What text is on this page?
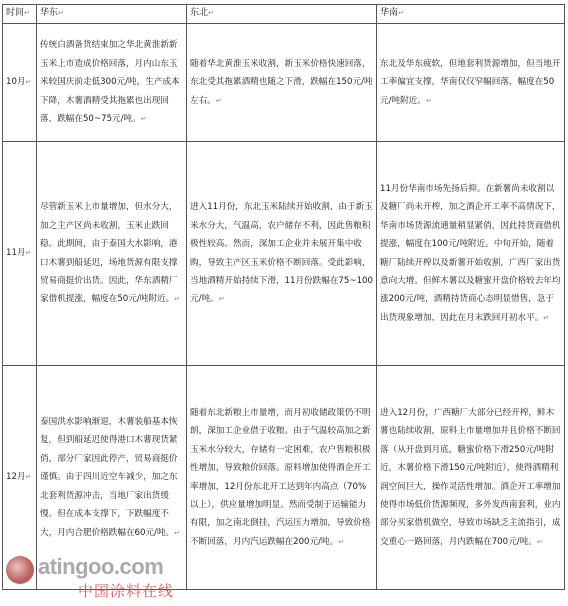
时间↵	华东↵	东北↵	华南↵
10月↵	传统白酒备货结束加之华北黄淮新新玉米上市造成价格回落，月内山东玉米较国庆前走低300元/吨，生产成本下降，木薯酒精受其拖累也出现回落，跌幅在50~75元/吨。↵	随着华北黄淮玉米收割，新玉米价格快速回落，东北受其拖累酒精也随之下滑，跌幅在150元/吨左右。↵	东北及华东疲软，但地套利货源增加，但当地开工率偏宜支撑，华南仅仅窄幅回落，幅度在50元/吨附近。↵
11月↵	尽管新玉米上市量增加，但水分大，加之主产区尚未收割，玉米止跌回稳。此期间，由于泰国大水影响，港口木薯到船延迟，场地货源有限支撑贸易商挺价出货。因此，华东酒精厂家借机提涨，幅度在50元/吨附近。↵	进入11月份，东北玉米陆续开始收割，由于新玉米水分大，气温高，农户储存不利，因此售粮积极性较高。然而，深加工企业并未展开集中收购，导致主产区玉米价格不断回落。受此影响，当地酒精开始持续下滑，11月份跌幅在75~100元/吨。↵	11月份华南市场先扬后抑。在新薯尚未收割以及糖厂尚未开榨，加之酒企开工率不高情况下，华南市场货源流通量稍显紧俏，因此持货商借机提涨，幅度在100元/吨附近。中旬开始，随着糖厂陆续开榨以及新薯开始收割，广西厂家出货意向大增。但鲜木薯以及糖蜜开盘价格较去年均涨200元/吨，酒精持货商心态明显惜售，急于出货现象增加，因此在月末跌回月初水平。↵
12月↵	泰国洪水影响渐退，木薯装船基本恢复，但到船延迟使得港口木薯现货紧俏，部分厂家因此停产，贸易商挺价谨慎。由于四川近空车减少，加之东北套利货源冲击，当地厂家出货缓慢。但在成本支撑下，下跌幅度不大，月内合肥价格跌幅在60元/吨。↵	随着东北新粮上市量增，而月初收储政策仍不明朗，深加工企业借于收粮。由于气温较高加之新玉米水分较大，存储有一定困难，农户售粮积极性增加，导致粮价回落。原料增加使得酒企开工率增加，12月份东北开工达到年内高点（70%以上），供应量增加明显。然而受制于运输能力有限，加之南北倒挂，汽运压力增加，导致价格不断回落，月内汽运跌幅在200元/吨。↵	进入12月份，广西糖厂大部分已经开榨，鲜木薯也陆续收割，原料上市量增加并且价格不断回落（从开盘到月底，糖蜜价格下滑250元/吨附近，木薯价格下滑150元/吨附近），使得酒精利润空间巨大，操作灵活性增加。酒企开工率增加使得市场低价货源频现，多外发西南套利，业内部分买家借机做空，导致市场缺乏主流指引，成交重心一路回落，月内跌幅在700元/吨。↵
atingoo.com
中国涂料在线
